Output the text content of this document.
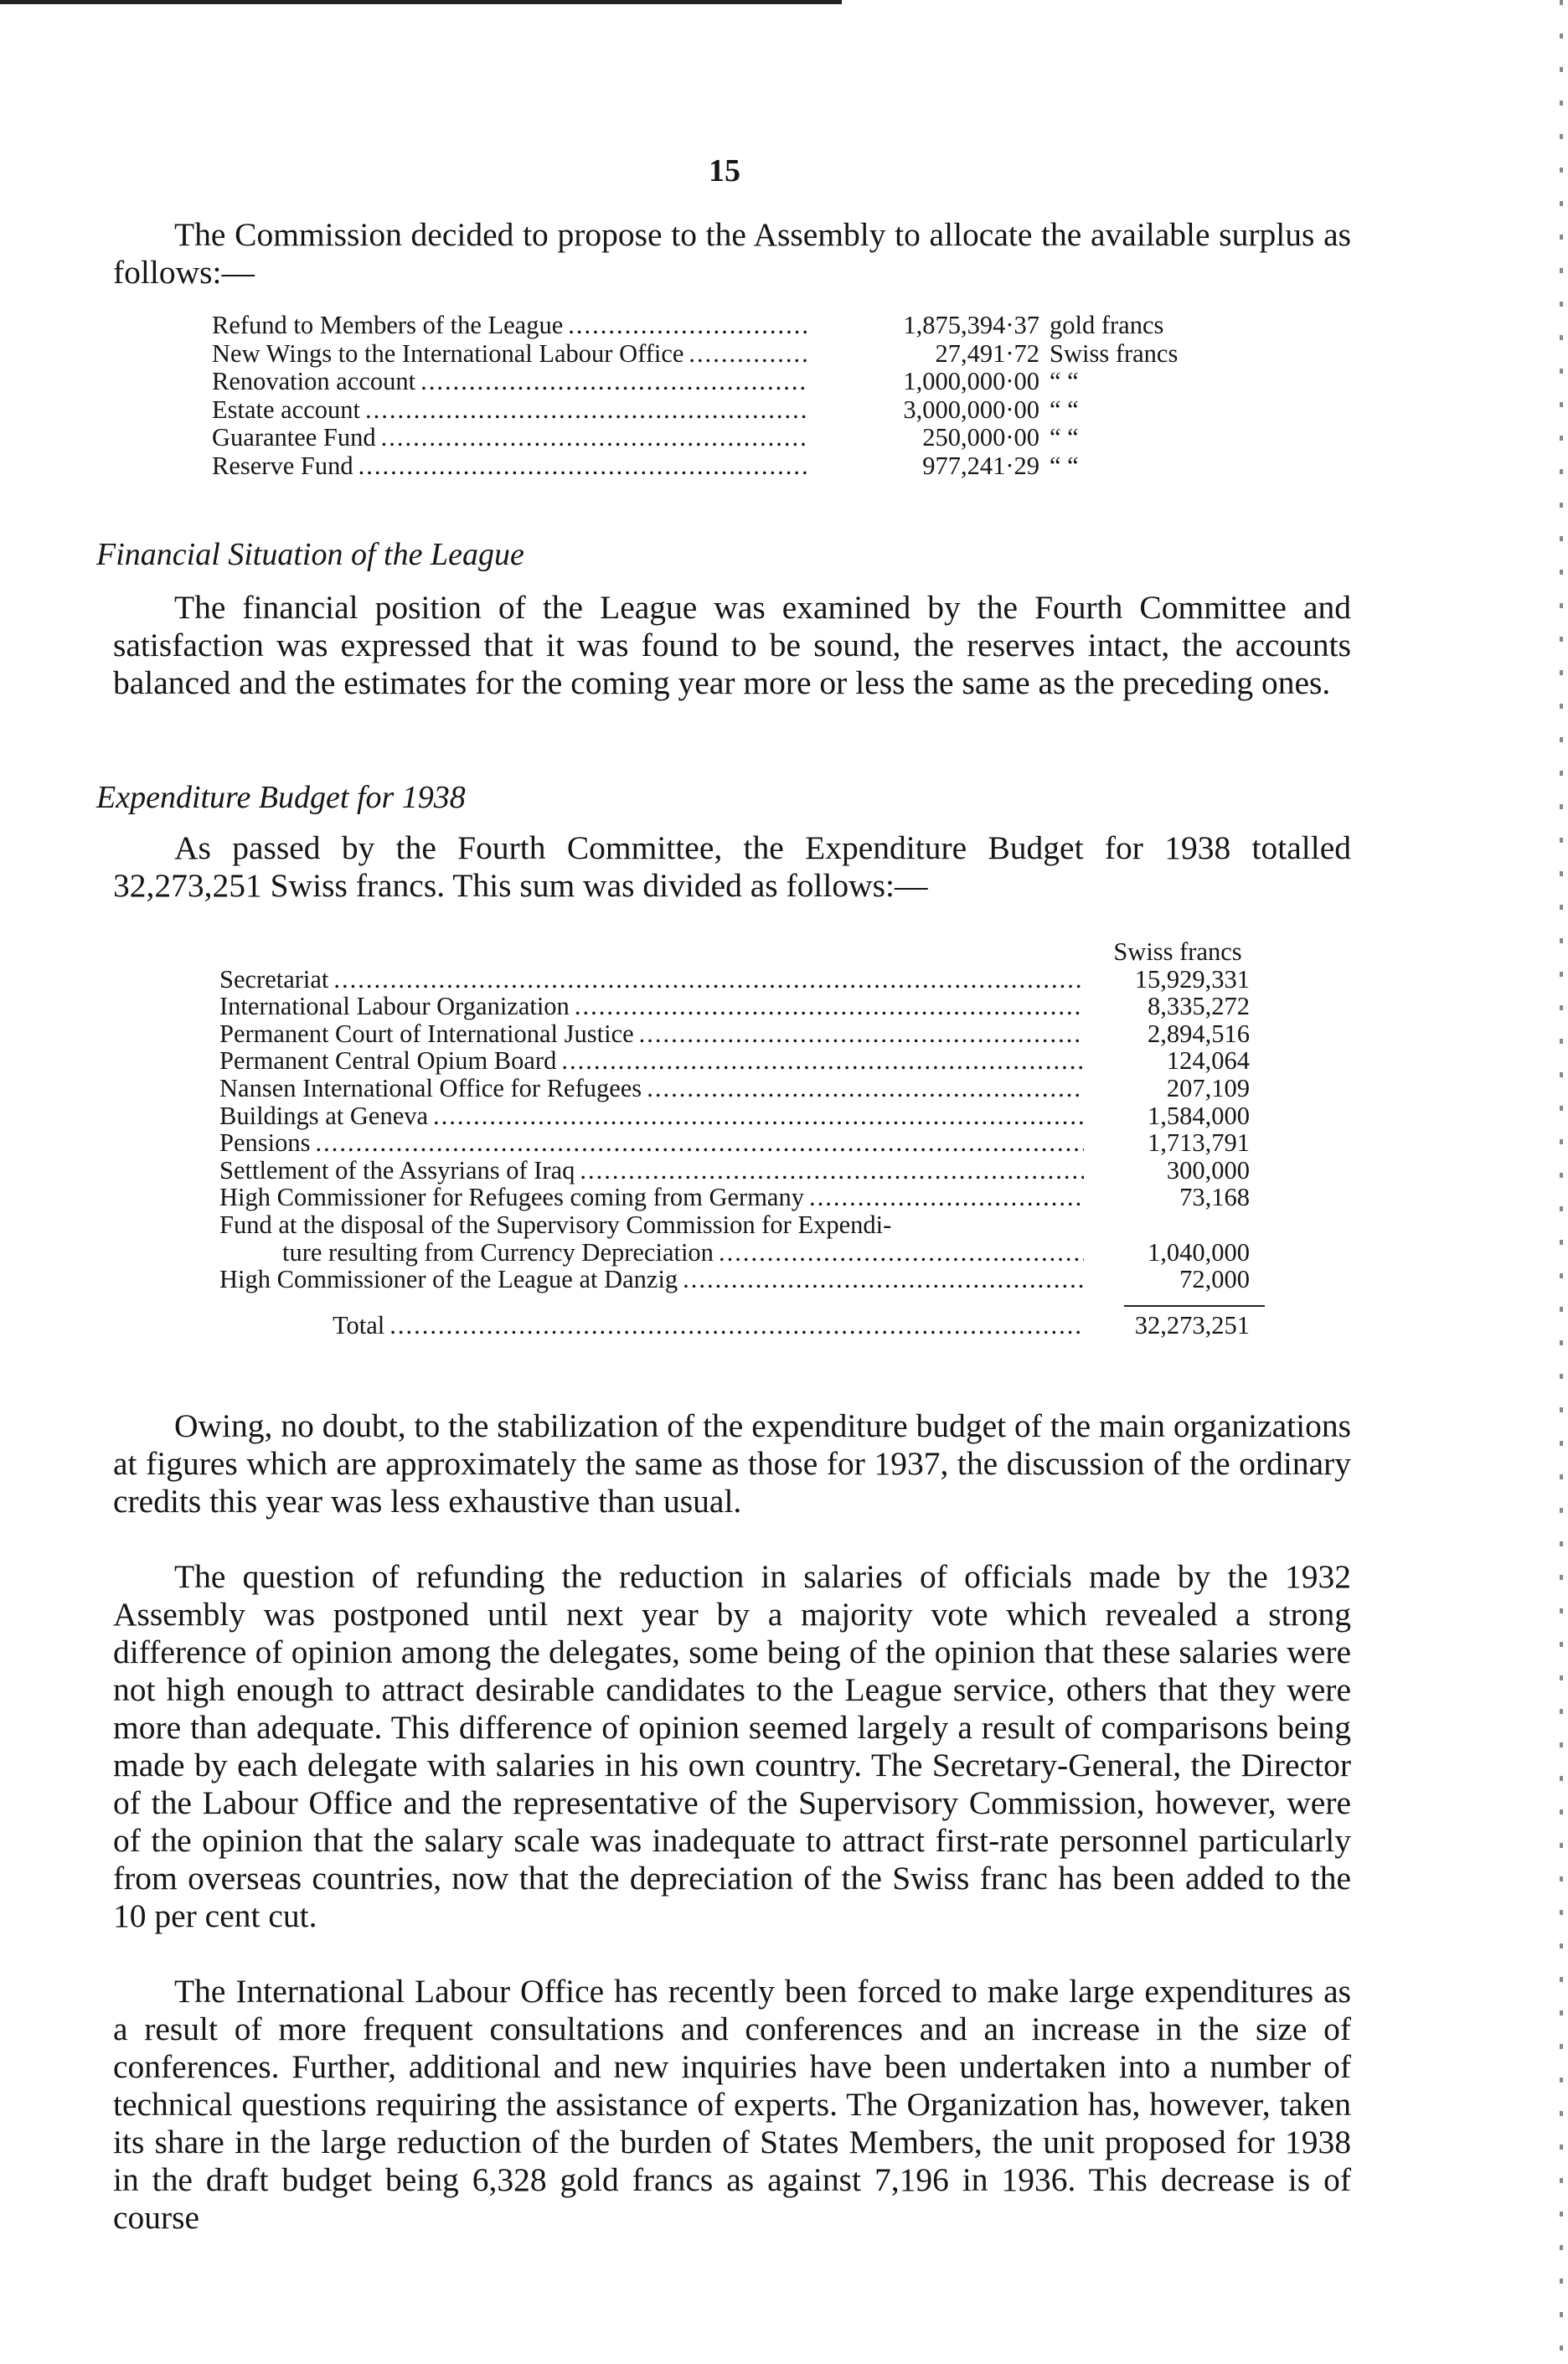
15

The Commission decided to propose to the Assembly to allocate the available surplus as follows:—

Refund to Members of the League .....	1,875,394·37 gold francs
New Wings to the International Labour Office .....	27,491·72 Swiss francs
Renovation account .....	1,000,000·00 “ “
Estate account .....	3,000,000·00 “ “
Guarantee Fund .....	250,000·00 “ “
Reserve Fund .....	977,241·29 “ “
Financial Situation of the League

The financial position of the League was examined by the Fourth Committee and satisfaction was expressed that it was found to be sound, the reserves intact, the accounts balanced and the estimates for the coming year more or less the same as the preceding ones.

Expenditure Budget for 1938

As passed by the Fourth Committee, the Expenditure Budget for 1938 totalled 32,273,251 Swiss francs. This sum was divided as follows:—

Swiss francs
Secretariat .....	15,929,331
International Labour Organization .....	8,335,272
Permanent Court of International Justice .....	2,894,516
Permanent Central Opium Board .....	124,064
Nansen International Office for Refugees .....	207,109
Buildings at Geneva .....	1,584,000
Pensions .....	1,713,791
Settlement of the Assyrians of Iraq .....	300,000
High Commissioner for Refugees coming from Germany .....	73,168
Fund at the disposal of the Supervisory Commission for Expendi-
ture resulting from Currency Depreciation .....	1,040,000
High Commissioner of the League at Danzig .....	72,000
Total .....	32,273,251

Owing, no doubt, to the stabilization of the expenditure budget of the main organizations at figures which are approximately the same as those for 1937, the discussion of the ordinary credits this year was less exhaustive than usual.

The question of refunding the reduction in salaries of officials made by the 1932 Assembly was postponed until next year by a majority vote which revealed a strong difference of opinion among the delegates, some being of the opinion that these salaries were not high enough to attract desirable candidates to the League service, others that they were more than adequate. This difference of opinion seemed largely a result of comparisons being made by each delegate with salaries in his own country. The Secretary-General, the Director of the Labour Office and the representative of the Supervisory Commission, however, were of the opinion that the salary scale was inadequate to attract first-rate personnel particularly from overseas countries, now that the depreciation of the Swiss franc has been added to the 10 per cent cut.

The International Labour Office has recently been forced to make large expenditures as a result of more frequent consultations and conferences and an increase in the size of conferences. Further, additional and new inquiries have been undertaken into a number of technical questions requiring the assistance of experts. The Organization has, however, taken its share in the large reduction of the burden of States Members, the unit proposed for 1938 in the draft budget being 6,328 gold francs as against 7,196 in 1936. This decrease is of course
